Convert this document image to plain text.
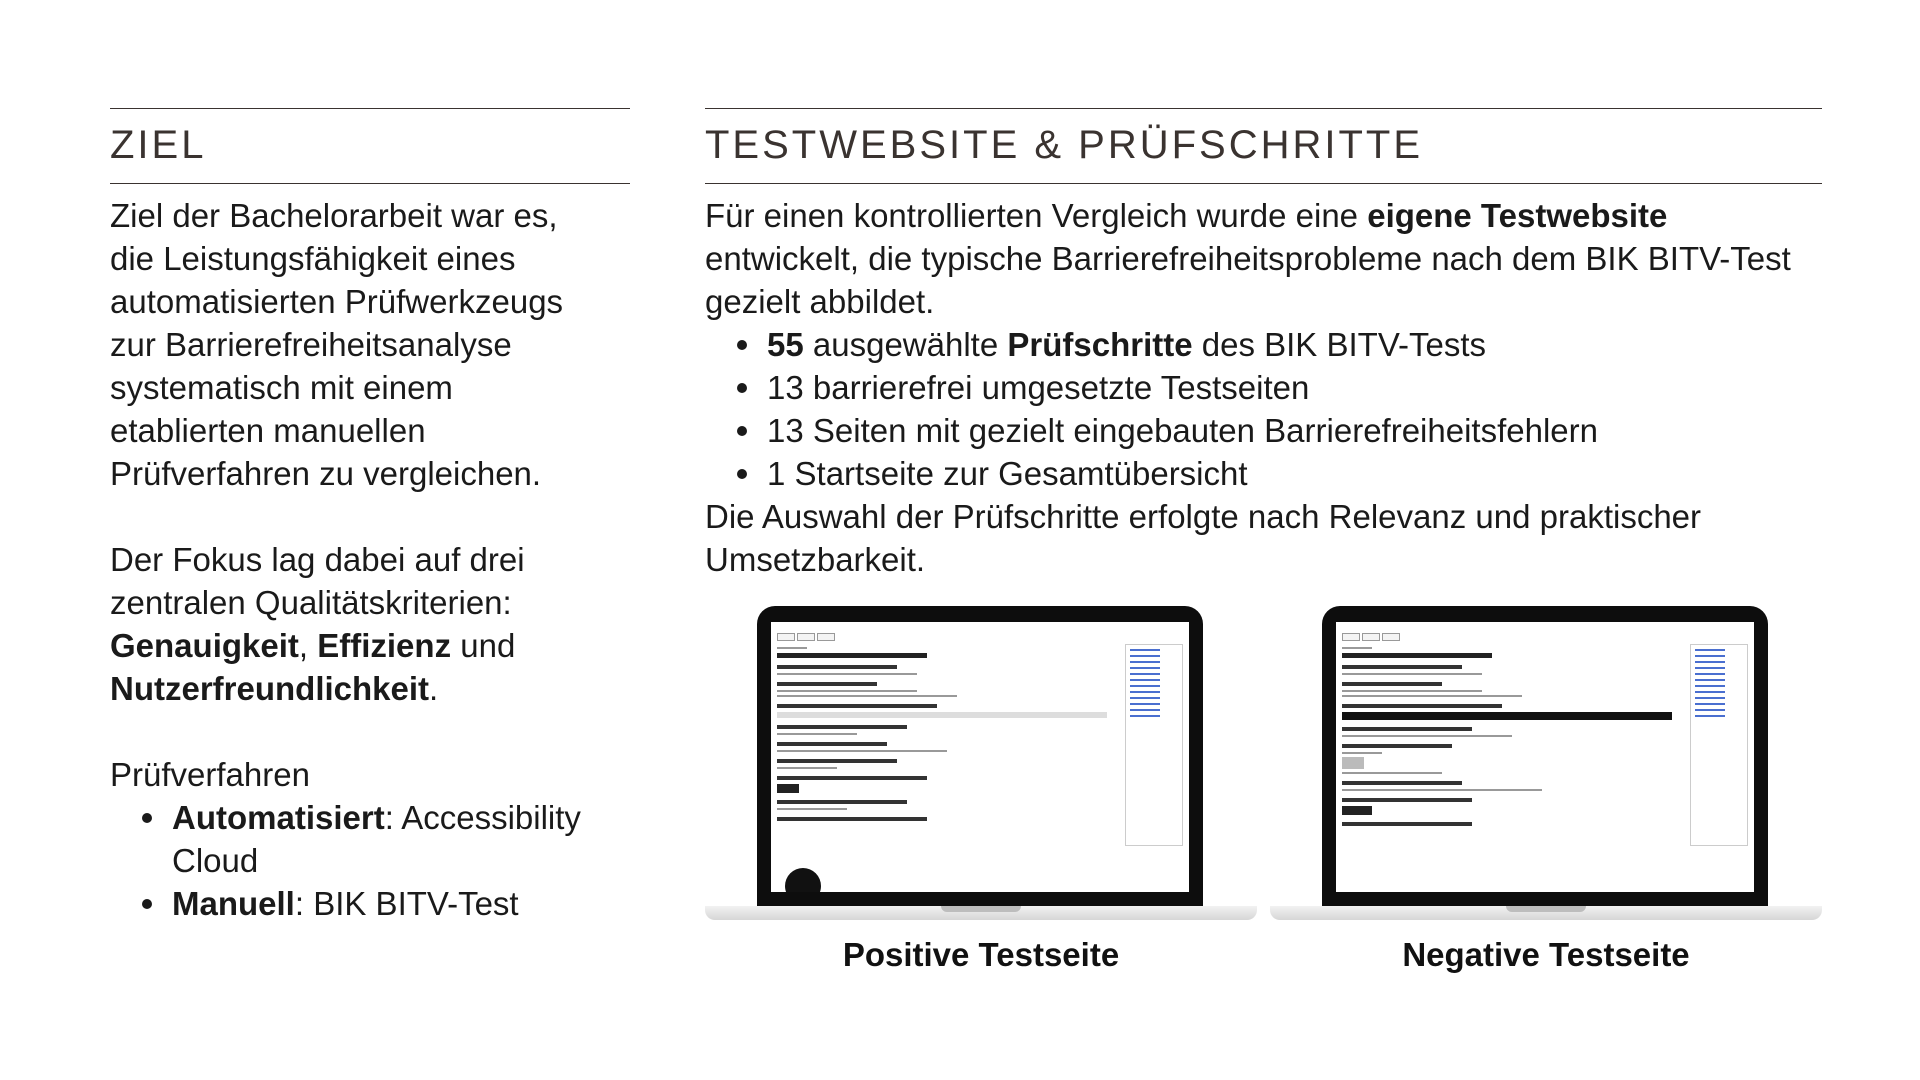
ZIEL

Ziel der Bachelorarbeit war es,

die Leistungsfähigkeit eines

automatisierten Prüfwerkzeugs

zur Barrierefreiheitsanalyse

systematisch mit einem

etablierten manuellen

Prüfverfahren zu vergleichen.

Der Fokus lag dabei auf drei

zentralen Qualitätskriterien:

Genauigkeit, Effizienz und

Nutzerfreundlichkeit.

Prüfverfahren

Automatisiert: Accessibility Cloud
Manuell: BIK BITV-Test
TESTWEBSITE & PRÜFSCHRITTE

Für einen kontrollierten Vergleich wurde eine eigene Testwebsite entwickelt, die typische Barrierefreiheitsprobleme nach dem BIK BITV-Test gezielt abbildet.

55 ausgewählte Prüfschritte des BIK BITV-Tests
13 barrierefrei umgesetzte Testseiten
13 Seiten mit gezielt eingebauten Barrierefreiheitsfehlern
1 Startseite zur Gesamtübersicht

Die Auswahl der Prüfschritte erfolgte nach Relevanz und praktischer Umsetzbarkeit.

Positive Testseite	Negative Testseite
